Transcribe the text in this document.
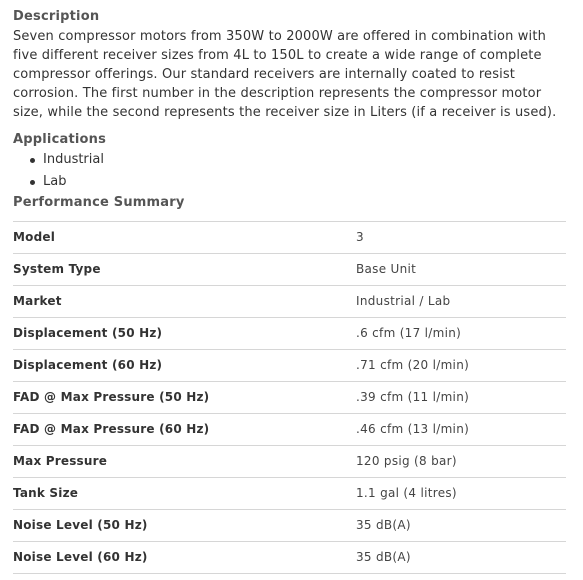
Description

Seven compressor motors from 350W to 2000W are offered in combination with five different receiver sizes from 4L to 150L to create a wide range of complete compressor offerings. Our standard receivers are internally coated to resist corrosion. The first number in the description represents the compressor motor size, while the second represents the receiver size in Liters (if a receiver is used).

Applications
Industrial
Lab
Performance Summary
Model	3
System Type	Base Unit
Market	Industrial / Lab
Displacement (50 Hz)	.6 cfm (17 l/min)
Displacement (60 Hz)	.71 cfm (20 l/min)
FAD @ Max Pressure (50 Hz)	.39 cfm (11 l/min)
FAD @ Max Pressure (60 Hz)	.46 cfm (13 l/min)
Max Pressure	120 psig (8 bar)
Tank Size	1.1 gal (4 litres)
Noise Level (50 Hz)	35 dB(A)
Noise Level (60 Hz)	35 dB(A)
